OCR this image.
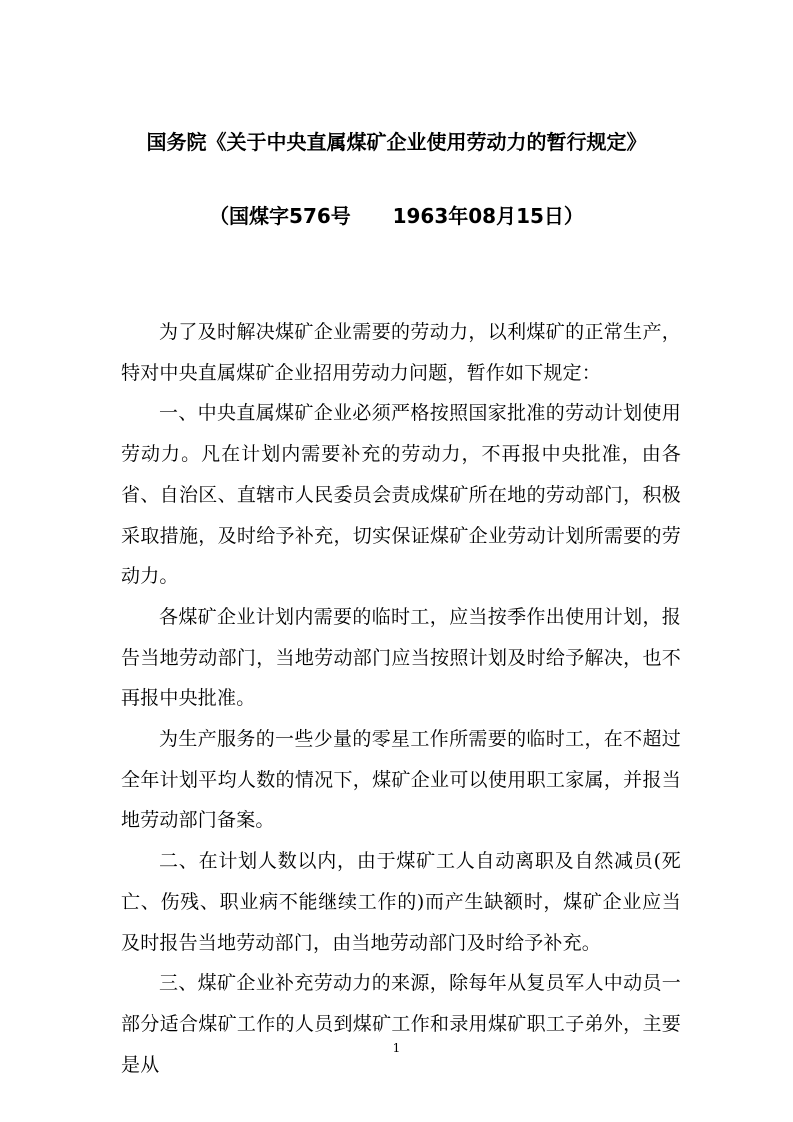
国务院《关于中央直属煤矿企业使用劳动力的暂行规定》
（国煤字576号      1963年08月15日）

为了及时解决煤矿企业需要的劳动力，以利煤矿的正常生产，特对中央直属煤矿企业招用劳动力问题，暂作如下规定：

一、中央直属煤矿企业必须严格按照国家批准的劳动计划使用劳动力。凡在计划内需要补充的劳动力，不再报中央批准，由各省、自治区、直辖市人民委员会责成煤矿所在地的劳动部门，积极采取措施，及时给予补充，切实保证煤矿企业劳动计划所需要的劳动力。

各煤矿企业计划内需要的临时工，应当按季作出使用计划，报告当地劳动部门，当地劳动部门应当按照计划及时给予解决，也不再报中央批准。

为生产服务的一些少量的零星工作所需要的临时工，在不超过全年计划平均人数的情况下，煤矿企业可以使用职工家属，并报当地劳动部门备案。

二、在计划人数以内，由于煤矿工人自动离职及自然减员(死亡、伤残、职业病不能继续工作的)而产生缺额时，煤矿企业应当及时报告当地劳动部门，由当地劳动部门及时给予补充。

三、煤矿企业补充劳动力的来源，除每年从复员军人中动员一部分适合煤矿工作的人员到煤矿工作和录用煤矿职工子弟外，主要是从

1
